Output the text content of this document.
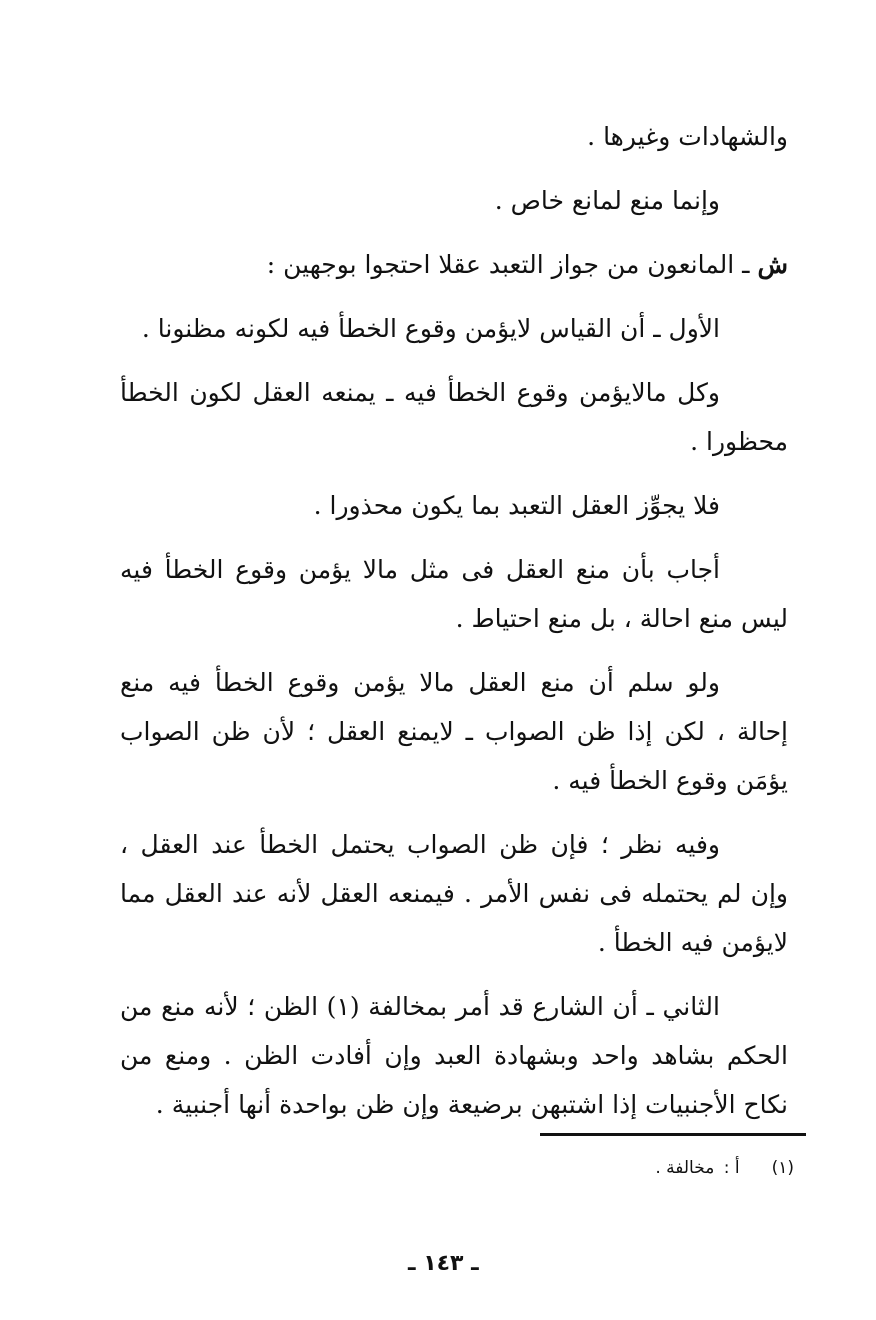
والشهادات وغيرها .

وإنما منع لمانع خاص .

ش ـ المانعون من جواز التعبد عقلا احتجوا بوجهين :

الأول ـ أن القياس لايؤمن وقوع الخطأ فيه لكونه مظنونا .

وكل مالايؤمن وقوع الخطأ فيه ـ يمنعه العقل لكون الخطأ محظورا .

فلا يجوِّز العقل التعبد بما يكون محذورا .

أجاب بأن منع العقل فى مثل مالا يؤمن وقوع الخطأ فيه ليس منع احالة ، بل منع احتياط .

ولو سلم أن منع العقل مالا يؤمن وقوع الخطأ فيه منع إحالة ، لكن إذا ظن الصواب ـ لايمنع العقل ؛ لأن ظن الصواب يؤمَن وقوع الخطأ فيه .

وفيه نظر ؛ فإن ظن الصواب يحتمل الخطأ عند العقل ، وإن لم يحتمله فى نفس الأمر . فيمنعه العقل لأنه عند العقل مما لايؤمن فيه الخطأ .

الثاني ـ أن الشارع قد أمر بمخالفة (١) الظن ؛ لأنه منع من الحكم بشاهد واحد وبشهادة العبد وإن أفادت الظن . ومنع من نكاح الأجنبيات إذا اشتبهن برضيعة وإن ظن بواحدة أنها أجنبية .

(١)أ : مخالفة .
ـ ١٤٣ ـ
